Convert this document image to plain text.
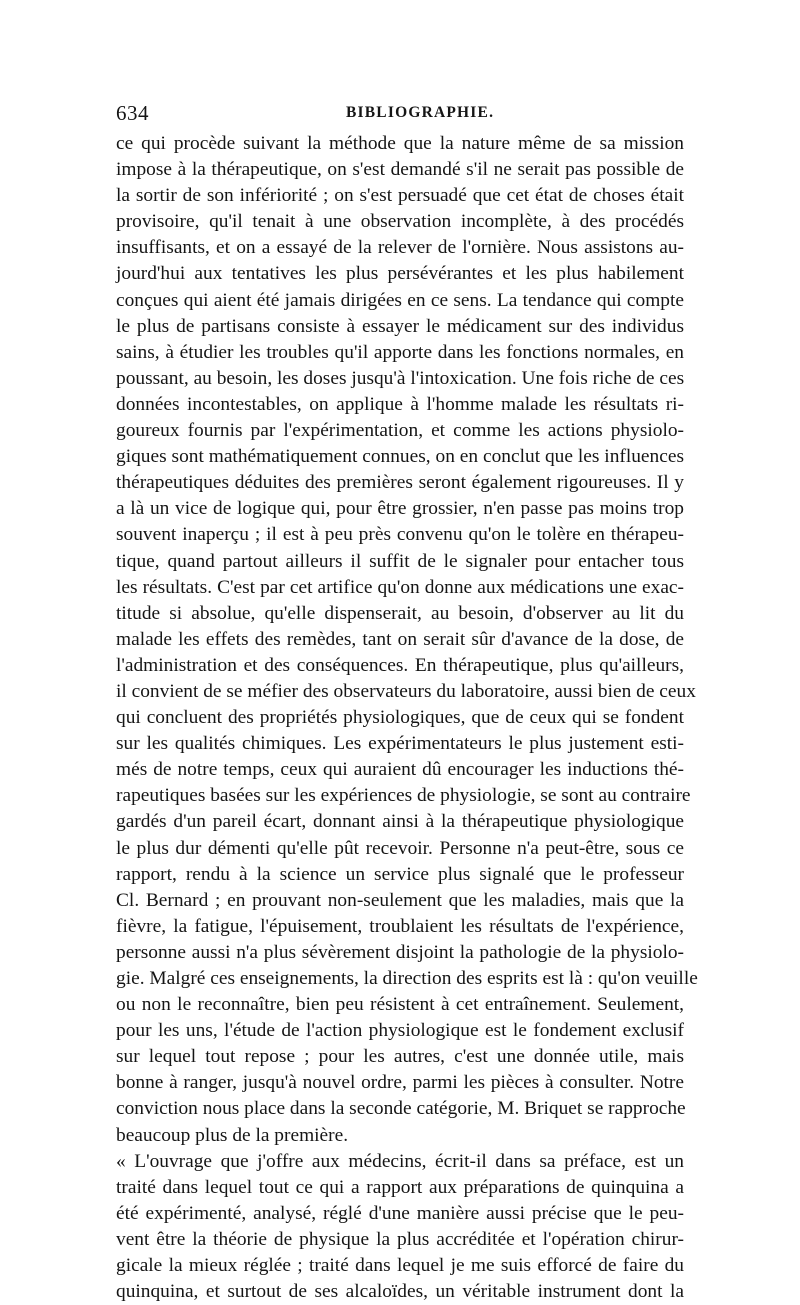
634	BIBLIOGRAPHIE.
ce qui procède suivant la méthode que la nature même de sa mission
impose à la thérapeutique, on s'est demandé s'il ne serait pas possible de
la sortir de son infériorité ; on s'est persuadé que cet état de choses était
provisoire, qu'il tenait à une observation incomplète, à des procédés
insuffisants, et on a essayé de la relever de l'ornière. Nous assistons au-
jourd'hui aux tentatives les plus persévérantes et les plus habilement
conçues qui aient été jamais dirigées en ce sens. La tendance qui compte
le plus de partisans consiste à essayer le médicament sur des individus
sains, à étudier les troubles qu'il apporte dans les fonctions normales, en
poussant, au besoin, les doses jusqu'à l'intoxication. Une fois riche de ces
données incontestables, on applique à l'homme malade les résultats ri-
goureux fournis par l'expérimentation, et comme les actions physiolo-
giques sont mathématiquement connues, on en conclut que les influences
thérapeutiques déduites des premières seront également rigoureuses. Il y
a là un vice de logique qui, pour être grossier, n'en passe pas moins trop
souvent inaperçu ; il est à peu près convenu qu'on le tolère en thérapeu-
tique, quand partout ailleurs il suffit de le signaler pour entacher tous
les résultats. C'est par cet artifice qu'on donne aux médications une exac-
titude si absolue, qu'elle dispenserait, au besoin, d'observer au lit du
malade les effets des remèdes, tant on serait sûr d'avance de la dose, de
l'administration et des conséquences. En thérapeutique, plus qu'ailleurs,
il convient de se méfier des observateurs du laboratoire, aussi bien de ceux
qui concluent des propriétés physiologiques, que de ceux qui se fondent
sur les qualités chimiques. Les expérimentateurs le plus justement esti-
més de notre temps, ceux qui auraient dû encourager les inductions thé-
rapeutiques basées sur les expériences de physiologie, se sont au contraire
gardés d'un pareil écart, donnant ainsi à la thérapeutique physiologique
le plus dur démenti qu'elle pût recevoir. Personne n'a peut-être, sous ce
rapport, rendu à la science un service plus signalé que le professeur
Cl. Bernard ; en prouvant non-seulement que les maladies, mais que la
fièvre, la fatigue, l'épuisement, troublaient les résultats de l'expérience,
personne aussi n'a plus sévèrement disjoint la pathologie de la physiolo-
gie. Malgré ces enseignements, la direction des esprits est là : qu'on veuille
ou non le reconnaître, bien peu résistent à cet entraînement. Seulement,
pour les uns, l'étude de l'action physiologique est le fondement exclusif
sur lequel tout repose ; pour les autres, c'est une donnée utile, mais
bonne à ranger, jusqu'à nouvel ordre, parmi les pièces à consulter. Notre
conviction nous place dans la seconde catégorie, M. Briquet se rapproche
beaucoup plus de la première.
« L'ouvrage que j'offre aux médecins, écrit-il dans sa préface, est un
traité dans lequel tout ce qui a rapport aux préparations de quinquina a
été expérimenté, analysé, réglé d'une manière aussi précise que le peu-
vent être la théorie de physique la plus accréditée et l'opération chirur-
gicale la mieux réglée ; traité dans lequel je me suis efforcé de faire du
quinquina, et surtout de ses alcaloïdes, un véritable instrument dont la
